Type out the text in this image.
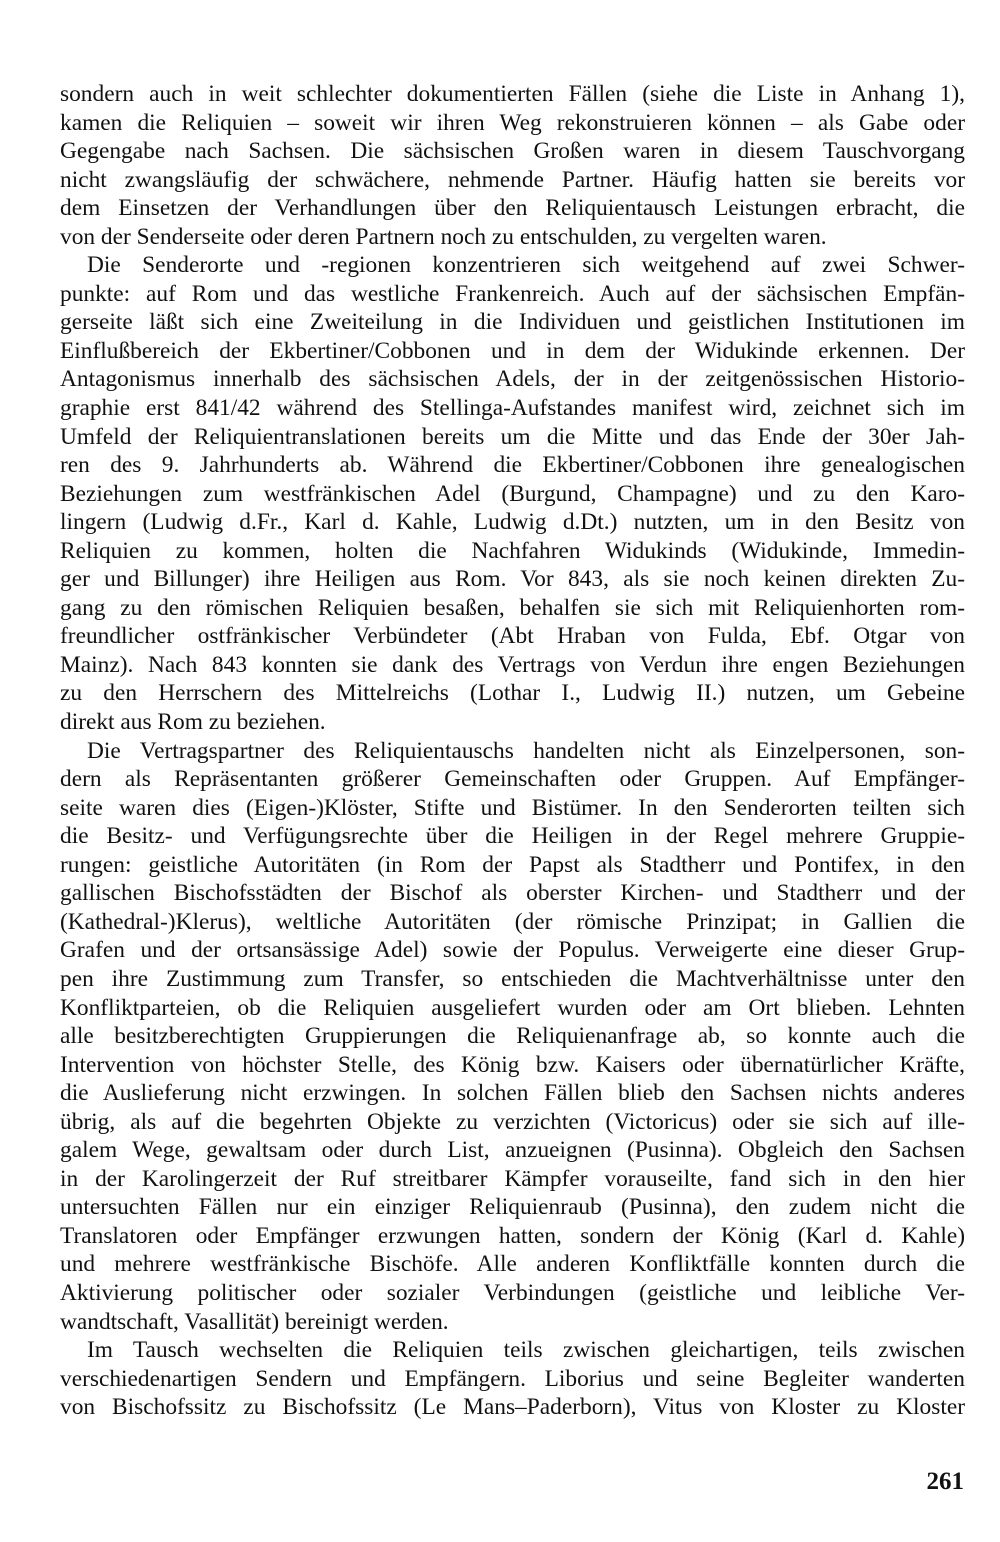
sondern auch in weit schlechter dokumentierten Fällen (siehe die Liste in Anhang 1),
kamen die Reliquien – soweit wir ihren Weg rekonstruieren können – als Gabe oder
Gegengabe nach Sachsen. Die sächsischen Großen waren in diesem Tauschvorgang
nicht zwangsläufig der schwächere, nehmende Partner. Häufig hatten sie bereits vor
dem Einsetzen der Verhandlungen über den Reliquientausch Leistungen erbracht, die
von der Senderseite oder deren Partnern noch zu entschulden, zu vergelten waren.
Die Senderorte und -regionen konzentrieren sich weitgehend auf zwei Schwer-
punkte: auf Rom und das westliche Frankenreich. Auch auf der sächsischen Empfän-
gerseite läßt sich eine Zweiteilung in die Individuen und geistlichen Institutionen im
Einflußbereich der Ekbertiner/Cobbonen und in dem der Widukinde erkennen. Der
Antagonismus innerhalb des sächsischen Adels, der in der zeitgenössischen Historio-
graphie erst 841/42 während des Stellinga-Aufstandes manifest wird, zeichnet sich im
Umfeld der Reliquientranslationen bereits um die Mitte und das Ende der 30er Jah-
ren des 9. Jahrhunderts ab. Während die Ekbertiner/Cobbonen ihre genealogischen
Beziehungen zum westfränkischen Adel (Burgund, Champagne) und zu den Karo-
lingern (Ludwig d.Fr., Karl d. Kahle, Ludwig d.Dt.) nutzten, um in den Besitz von
Reliquien zu kommen, holten die Nachfahren Widukinds (Widukinde, Immedin-
ger und Billunger) ihre Heiligen aus Rom. Vor 843, als sie noch keinen direkten Zu-
gang zu den römischen Reliquien besaßen, behalfen sie sich mit Reliquienhorten rom-
freundlicher ostfränkischer Verbündeter (Abt Hraban von Fulda, Ebf. Otgar von
Mainz). Nach 843 konnten sie dank des Vertrags von Verdun ihre engen Beziehungen
zu den Herrschern des Mittelreichs (Lothar I., Ludwig II.) nutzen, um Gebeine
direkt aus Rom zu beziehen.
Die Vertragspartner des Reliquientauschs handelten nicht als Einzelpersonen, son-
dern als Repräsentanten größerer Gemeinschaften oder Gruppen. Auf Empfänger-
seite waren dies (Eigen-)Klöster, Stifte und Bistümer. In den Senderorten teilten sich
die Besitz- und Verfügungsrechte über die Heiligen in der Regel mehrere Gruppie-
rungen: geistliche Autoritäten (in Rom der Papst als Stadtherr und Pontifex, in den
gallischen Bischofsstädten der Bischof als oberster Kirchen- und Stadtherr und der
(Kathedral-)Klerus), weltliche Autoritäten (der römische Prinzipat; in Gallien die
Grafen und der ortsansässige Adel) sowie der Populus. Verweigerte eine dieser Grup-
pen ihre Zustimmung zum Transfer, so entschieden die Machtverhältnisse unter den
Konfliktparteien, ob die Reliquien ausgeliefert wurden oder am Ort blieben. Lehnten
alle besitzberechtigten Gruppierungen die Reliquienanfrage ab, so konnte auch die
Intervention von höchster Stelle, des König bzw. Kaisers oder übernatürlicher Kräfte,
die Auslieferung nicht erzwingen. In solchen Fällen blieb den Sachsen nichts anderes
übrig, als auf die begehrten Objekte zu verzichten (Victoricus) oder sie sich auf ille-
galem Wege, gewaltsam oder durch List, anzueignen (Pusinna). Obgleich den Sachsen
in der Karolingerzeit der Ruf streitbarer Kämpfer vorauseilte, fand sich in den hier
untersuchten Fällen nur ein einziger Reliquienraub (Pusinna), den zudem nicht die
Translatoren oder Empfänger erzwungen hatten, sondern der König (Karl d. Kahle)
und mehrere westfränkische Bischöfe. Alle anderen Konfliktfälle konnten durch die
Aktivierung politischer oder sozialer Verbindungen (geistliche und leibliche Ver-
wandtschaft, Vasallität) bereinigt werden.
Im Tausch wechselten die Reliquien teils zwischen gleichartigen, teils zwischen
verschiedenartigen Sendern und Empfängern. Liborius und seine Begleiter wanderten
von Bischofssitz zu Bischofssitz (Le Mans–Paderborn), Vitus von Kloster zu Kloster
261
